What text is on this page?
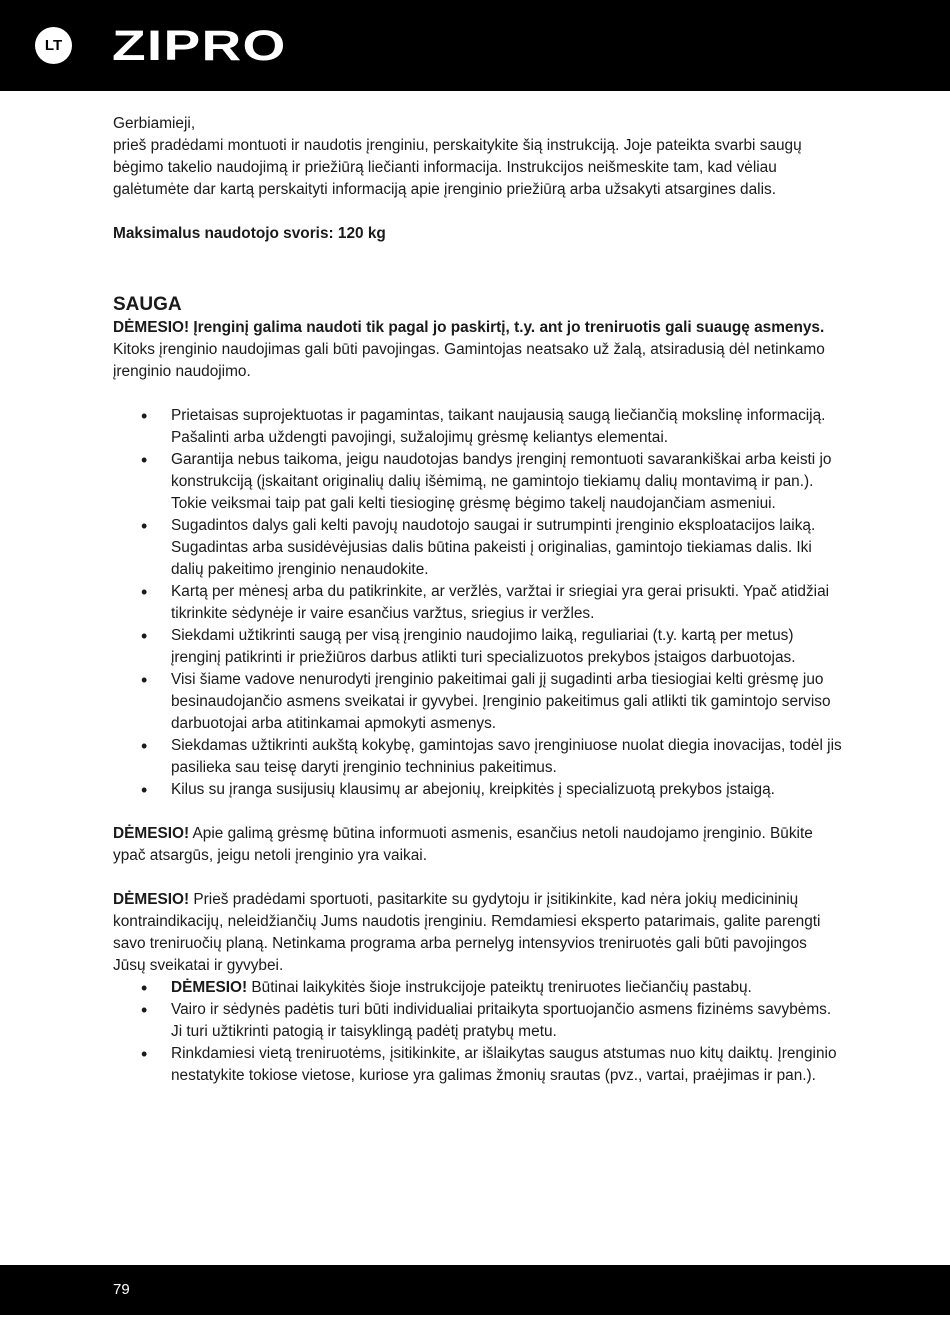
LT ZIPRO

Gerbiamieji,

prieš pradėdami montuoti ir naudotis įrenginiu, perskaitykite šią instrukciją. Joje pateikta svarbi saugų bėgimo takelio naudojimą ir priežiūrą liečianti informacija. Instrukcijos neišmeskite tam, kad vėliau galėtumėte dar kartą perskaityti informaciją apie įrenginio priežiūrą arba užsakyti atsargines dalis.

Maksimalus naudotojo svoris: 120 kg

SAUGA

DĖMESIO! Įrenginį galima naudoti tik pagal jo paskirtį, t.y. ant jo treniruotis gali suaugę asmenys. Kitoks įrenginio naudojimas gali būti pavojingas. Gamintojas neatsako už žalą, atsiradusią dėl netinkamo įrenginio naudojimo.

• Prietaisas suprojektuotas ir pagamintas, taikant naujausią saugą liečiančią mokslinę informaciją. Pašalinti arba uždengti pavojingi, sužalojimų grėsmę keliantys elementai.
• Garantija nebus taikoma, jeigu naudotojas bandys įrenginį remontuoti savarankiškai arba keisti jo konstrukciją (įskaitant originalių dalių išėmimą, ne gamintojo tiekiamų dalių montavimą ir pan.). Tokie veiksmai taip pat gali kelti tiesioginę grėsmę bėgimo takelį naudojančiam asmeniui.
• Sugadintos dalys gali kelti pavojų naudotojo saugai ir sutrumpinti įrenginio eksploatacijos laiką. Sugadintas arba susidėvėjusias dalis būtina pakeisti į originalias, gamintojo tiekiamas dalis. Iki dalių pakeitimo įrenginio nenaudokite.
• Kartą per mėnesį arba du patikrinkite, ar veržlės, varžtai ir sriegiai yra gerai prisukti. Ypač atidžiai tikrinkite sėdynėje ir vaire esančius varžtus, sriegius ir veržles.
• Siekdami užtikrinti saugą per visą įrenginio naudojimo laiką, reguliariai (t.y. kartą per metus) įrenginį patikrinti ir priežiūros darbus atlikti turi specializuotos prekybos įstaigos darbuotojas.
• Visi šiame vadove nenurodyti įrenginio pakeitimai gali jį sugadinti arba tiesiogiai kelti grėsmę juo besinaudojančio asmens sveikatai ir gyvybei. Įrenginio pakeitimus gali atlikti tik gamintojo serviso darbuotojai arba atitinkamai apmokyti asmenys.
• Siekdamas užtikrinti aukštą kokybę, gamintojas savo įrenginiuose nuolat diegia inovacijas, todėl jis pasilieka sau teisę daryti įrenginio techninius pakeitimus.
• Kilus su įranga susijusių klausimų ar abejonių, kreipkitės į specializuotą prekybos įstaigą.

DĖMESIO! Apie galimą grėsmę būtina informuoti asmenis, esančius netoli naudojamo įrenginio. Būkite ypač atsargūs, jeigu netoli įrenginio yra vaikai.

DĖMESIO! Prieš pradėdami sportuoti, pasitarkite su gydytoju ir įsitikinkite, kad nėra jokių medicininių kontraindikacijų, neleidžiančių Jums naudotis įrenginiu. Remdamiesi eksperto patarimais, galite parengti savo treniruočių planą. Netinkama programa arba pernelyg intensyvios treniruotės gali būti pavojingos Jūsų sveikatai ir gyvybei.

• DĖMESIO! Būtinai laikykitės šioje instrukcijoje pateiktų treniruotes liečiančių pastabų.
• Vairo ir sėdynės padėtis turi būti individualiai pritaikyta sportuojančio asmens fizinėms savybėms. Ji turi užtikrinti patogią ir taisyklingą padėtį pratybų metu.
• Rinkdamiesi vietą treniruotėms, įsitikinkite, ar išlaikytas saugus atstumas nuo kitų daiktų. Įrenginio nestatykite tokiose vietose, kuriose yra galimas žmonių srautas (pvz., vartai, praėjimas ir pan.).
79
